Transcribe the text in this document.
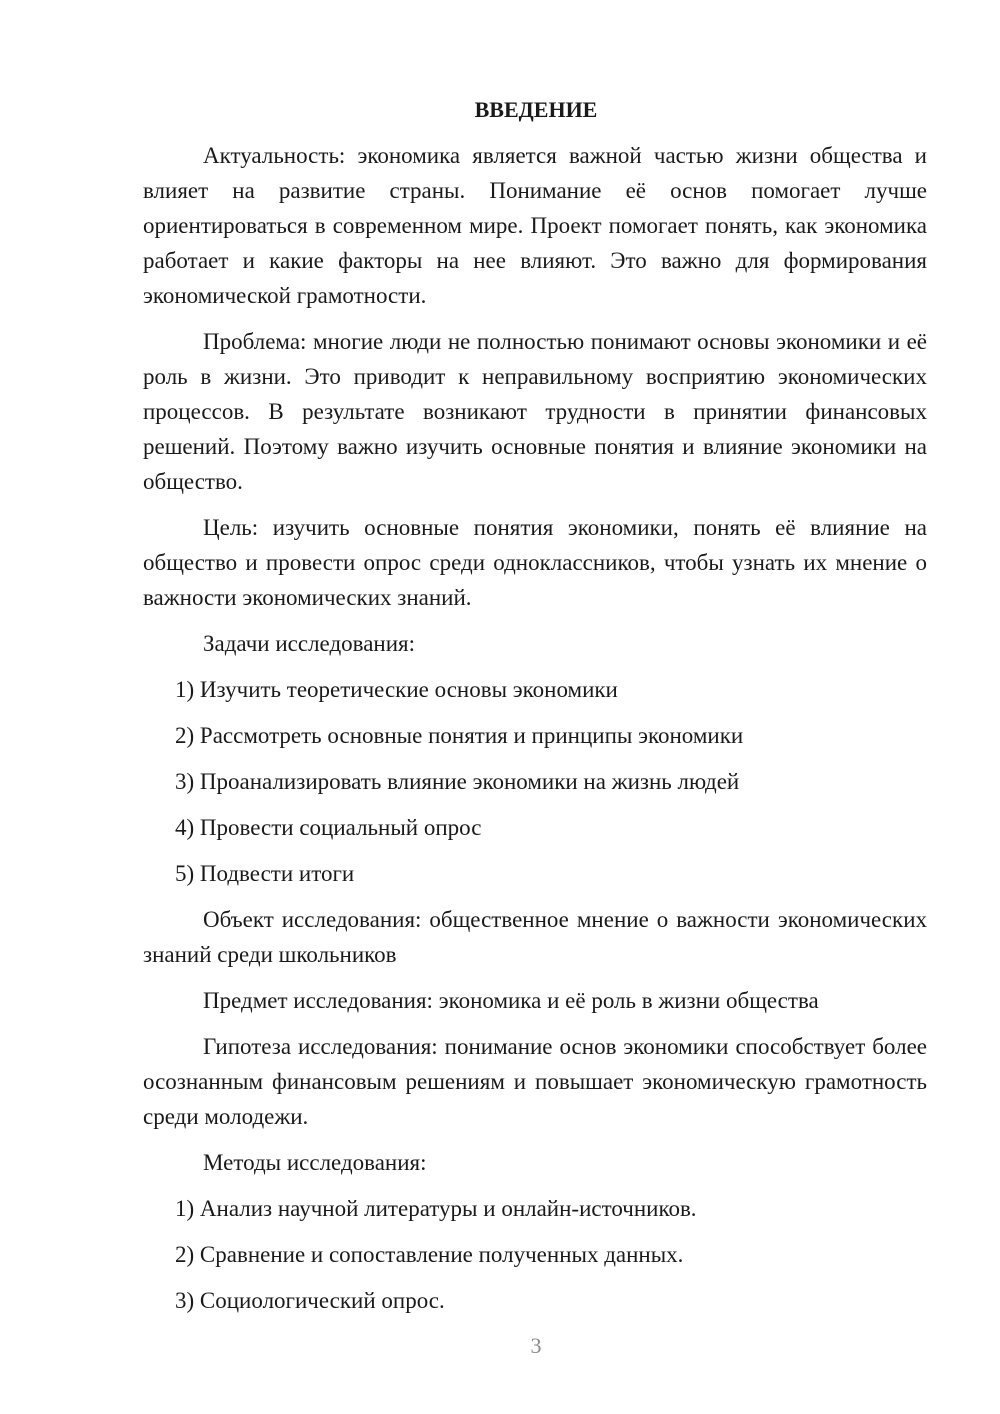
ВВЕДЕНИЕ

Актуальность: экономика является важной частью жизни общества и влияет на развитие страны. Понимание её основ помогает лучше ориентироваться в современном мире. Проект помогает понять, как экономика работает и какие факторы на нее влияют. Это важно для формирования экономической грамотности.

Проблема: многие люди не полностью понимают основы экономики и её роль в жизни. Это приводит к неправильному восприятию экономических процессов. В результате возникают трудности в принятии финансовых решений. Поэтому важно изучить основные понятия и влияние экономики на общество.

Цель: изучить основные понятия экономики, понять её влияние на общество и провести опрос среди одноклассников, чтобы узнать их мнение о важности экономических знаний.

Задачи исследования:

1) Изучить теоретические основы экономики
2) Рассмотреть основные понятия и принципы экономики
3) Проанализировать влияние экономики на жизнь людей
4) Провести социальный опрос
5) Подвести итоги

Объект исследования: общественное мнение о важности экономических знаний среди школьников

Предмет исследования: экономика и её роль в жизни общества

Гипотеза исследования: понимание основ экономики способствует более осознанным финансовым решениям и повышает экономическую грамотность среди молодежи.

Методы исследования:

1) Анализ научной литературы и онлайн-источников.
2) Сравнение и сопоставление полученных данных.
3) Социологический опрос.
3
